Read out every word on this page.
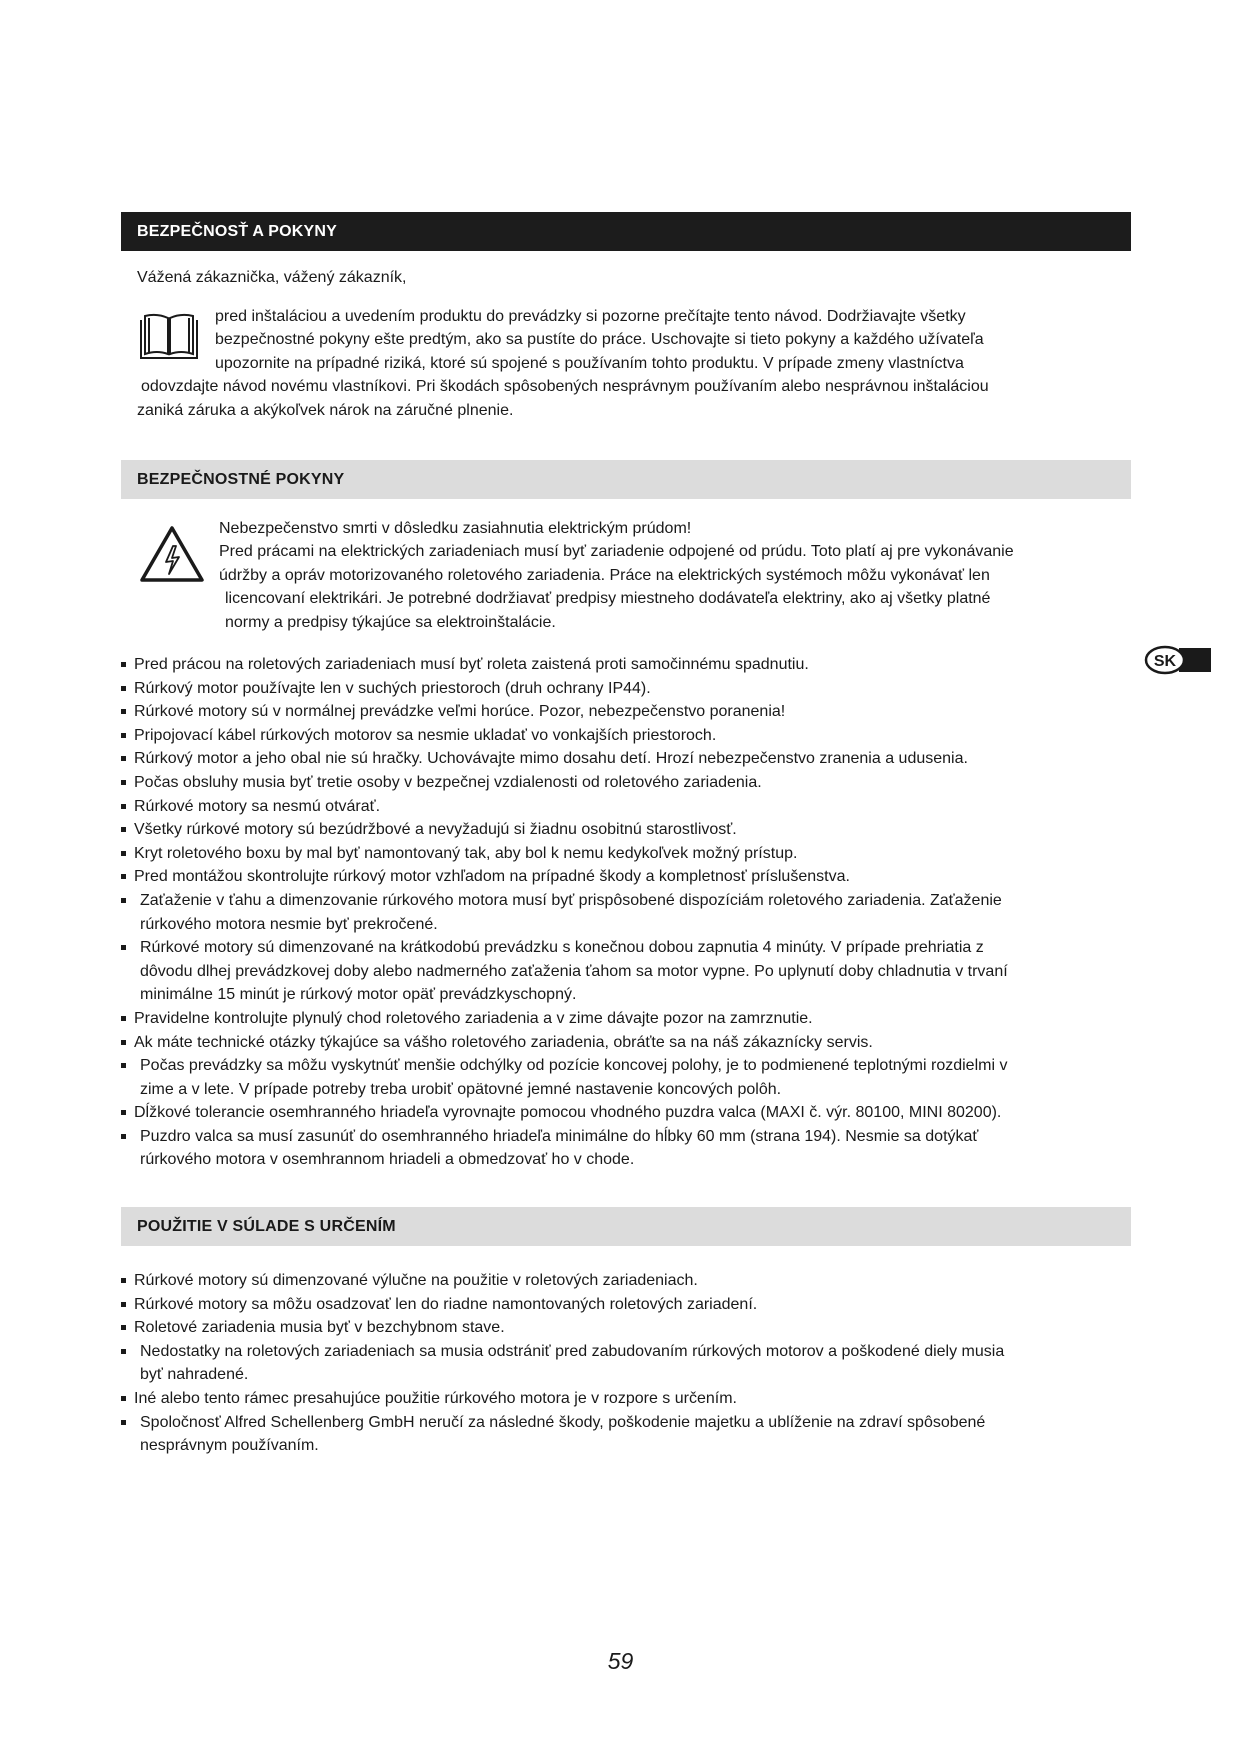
BEZPEČNOSŤ A POKYNY
Vážená zákaznička, vážený zákazník,
pred inštaláciou a uvedením produktu do prevádzky si pozorne prečítajte tento návod. Dodržiavajte všetky
bezpečnostné pokyny ešte predtým, ako sa pustíte do práce. Uschovajte si tieto pokyny a každého užívateľa
upozornite na prípadné riziká, ktoré sú spojené s používaním tohto produktu. V prípade zmeny vlastníctva
odovzdajte návod novému vlastníkovi. Pri škodách spôsobených nesprávnym používaním alebo nesprávnou inštaláciou
zaniká záruka a akýkoľvek nárok na záručné plnenie.
BEZPEČNOSTNÉ POKYNY
Nebezpečenstvo smrti v dôsledku zasiahnutia elektrickým prúdom!
Pred prácami na elektrických zariadeniach musí byť zariadenie odpojené od prúdu. Toto platí aj pre vykonávanie
údržby a opráv motorizovaného roletového zariadenia. Práce na elektrických systémoch môžu vykonávať len
licencovaní elektrikári. Je potrebné dodržiavať predpisy miestneho dodávateľa elektriny, ako aj všetky platné
normy a predpisy týkajúce sa elektroinštalácie.
Pred prácou na roletových zariadeniach musí byť roleta zaistená proti samočinnému spadnutiu.
Rúrkový motor používajte len v suchých priestoroch (druh ochrany IP44).
Rúrkové motory sú v normálnej prevádzke veľmi horúce. Pozor, nebezpečenstvo poranenia!
Pripojovací kábel rúrkových motorov sa nesmie ukladať vo vonkajších priestoroch.
Rúrkový motor a jeho obal nie sú hračky. Uchovávajte mimo dosahu detí. Hrozí nebezpečenstvo zranenia a udusenia.
Počas obsluhy musia byť tretie osoby v bezpečnej vzdialenosti od roletového zariadenia.
Rúrkové motory sa nesmú otvárať.
Všetky rúrkové motory sú bezúdržbové a nevyžadujú si žiadnu osobitnú starostlivosť.
Kryt roletového boxu by mal byť namontovaný tak, aby bol k nemu kedykoľvek možný prístup.
Pred montážou skontrolujte rúrkový motor vzhľadom na prípadné škody a kompletnosť príslušenstva.
Zaťaženie v ťahu a dimenzovanie rúrkového motora musí byť prispôsobené dispozíciám roletového zariadenia. Zaťaženie
rúrkového motora nesmie byť prekročené.
Rúrkové motory sú dimenzované na krátkodobú prevádzku s konečnou dobou zapnutia 4 minúty. V prípade prehriatia z
dôvodu dlhej prevádzkovej doby alebo nadmerného zaťaženia ťahom sa motor vypne. Po uplynutí doby chladnutia v trvaní
minimálne 15 minút je rúrkový motor opäť prevádzkyschopný.
Pravidelne kontrolujte plynulý chod roletového zariadenia a v zime dávajte pozor na zamrznutie.
Ak máte technické otázky týkajúce sa vášho roletového zariadenia, obráťte sa na náš zákaznícky servis.
Počas prevádzky sa môžu vyskytnúť menšie odchýlky od pozície koncovej polohy, je to podmienené teplotnými rozdielmi v
zime a v lete. V prípade potreby treba urobiť opätovné jemné nastavenie koncových polôh.
Dĺžkové tolerancie osemhranného hriadeľa vyrovnajte pomocou vhodného puzdra valca (MAXI č. výr. 80100, MINI 80200).
Puzdro valca sa musí zasunúť do osemhranného hriadeľa minimálne do hĺbky 60 mm (strana 194). Nesmie sa dotýkať
rúrkového motora v osemhrannom hriadeli a obmedzovať ho v chode.
POUŽITIE V SÚLADE S URČENÍM
Rúrkové motory sú dimenzované výlučne na použitie v roletových zariadeniach.
Rúrkové motory sa môžu osadzovať len do riadne namontovaných roletových zariadení.
Roletové zariadenia musia byť v bezchybnom stave.
Nedostatky na roletových zariadeniach sa musia odstrániť pred zabudovaním rúrkových motorov a poškodené diely musia
byť nahradené.
Iné alebo tento rámec presahujúce použitie rúrkového motora je v rozpore s určením.
Spoločnosť Alfred Schellenberg GmbH neručí za následné škody, poškodenie majetku a ublíženie na zdraví spôsobené
nesprávnym používaním.
SK
59
